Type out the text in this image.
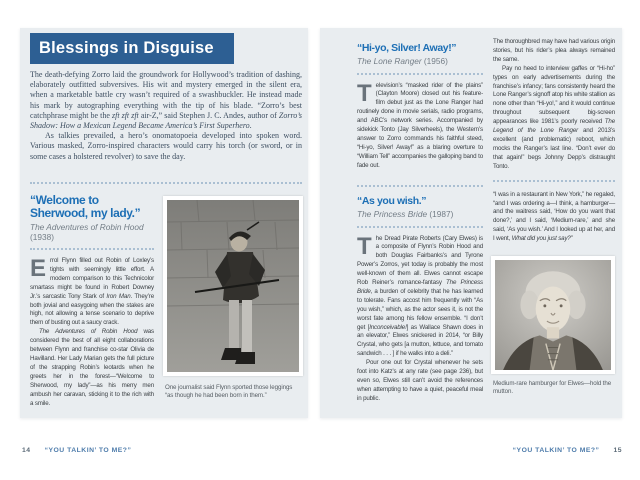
Blessings in Disguise

The death-defying Zorro laid the groundwork for Hollywood’s tradition of dashing, elaborately outfitted subversives. His wit and mystery emerged in the silent era, when a marketable battle cry wasn’t required of a swashbuckler. He instead made his mark by autographing everything with the tip of his blade. “Zorro’s best catchphrase might be the zft zft zft air-Z,” said Stephen J. C. Andes, author of Zorro’s Shadow: How a Mexican Legend Became America’s First Superhero.

As talkies prevailed, a hero’s onomatopoeia developed into spoken word. Various masked, Zorro-inspired characters would carry his torch (or sword, or in some cases a holstered revolver) to save the day.

“Welcome to Sherwood, my lady.”

The Adventures of Robin Hood (1938)

Errol Flynn filled out Robin of Loxley’s tights with seemingly little effort. A modern comparison to this Technicolor smartass might be found in Robert Downey Jr.’s sarcastic Tony Stark of Iron Man. They’re both jovial and easygoing when the stakes are high, not allowing a tense scenario to deprive them of busting out a saucy crack.

The Adventures of Robin Hood was considered the best of all eight collaborations between Flynn and franchise co-star Olivia de Havilland. Her Lady Marian gets the full picture of the strapping Robin’s leotards when he greets her in the forest—“Welcome to Sherwood, my lady”—as his merry men ambush her caravan, sticking it to the rich with a smile.

One journalist said Flynn sported those leggings “as though he had been born in them.”
“Hi-yo, Silver! Away!”

The Lone Ranger (1956)

Television’s “masked rider of the plains” (Clayton Moore) closed out his feature-film debut just as the Lone Ranger had routinely done in movie serials, radio programs, and ABC’s network series. Accompanied by sidekick Tonto (Jay Silverheels), the Western’s answer to Zorro commands his faithful steed, “Hi-yo, Silver! Away!” as a blaring overture to “William Tell” accompanies the galloping band to fade out.

“As you wish.”

The Princess Bride (1987)

The Dread Pirate Roberts (Cary Elwes) is a composite of Flynn’s Robin Hood and both Douglas Fairbanks’s and Tyrone Power’s Zorros, yet today is probably the most well-known of them all. Elwes cannot escape Rob Reiner’s romance-fantasy The Princess Bride, a burden of celebrity that he has learned to tolerate. Fans accost him frequently with “As you wish,” which, as the actor sees it, is not the worst fate among his fellow ensemble. “I don’t get [Inconceivable!] as Wallace Shawn does in an elevator,” Elwes snickered in 2014, “or Billy Crystal, who gets [a mutton, lettuce, and tomato sandwich . . . ] if he walks into a deli.”

Pour one out for Crystal whenever he sets foot into Katz’s at any rate (see page 236), but even so, Elwes still can’t avoid the references when attempting to have a quiet, peaceful meal in public.

The thoroughbred may have had various origin stories, but his rider’s plea always remained the same.

Pay no heed to interview gaffes or “Hi-ho” types on early advertisements during the franchise’s infancy; fans consistently heard the Lone Ranger’s signoff atop his white stallion as none other than “Hi-yo!,” and it would continue throughout subsequent big-screen appearances like 1981’s poorly received The Legend of the Lone Ranger and 2013’s excellent (and problematic) reboot, which mocks the Ranger’s last line. “Don’t ever do that again!” begs Johnny Depp’s distraught Tonto.

“I was in a restaurant in New York,” he regaled, “and I was ordering a—I think, a hamburger—and the waitress said, ‘How do you want that done?,’ and I said, ‘Medium-rare,’ and she said, ‘As you wish.’ And I looked up at her, and I went, What did you just say?”

Medium-rare hamburger for Elwes—hold the mutton.
14 “YOU TALKIN’ TO ME?”	“YOU TALKIN’ TO ME?” 15
